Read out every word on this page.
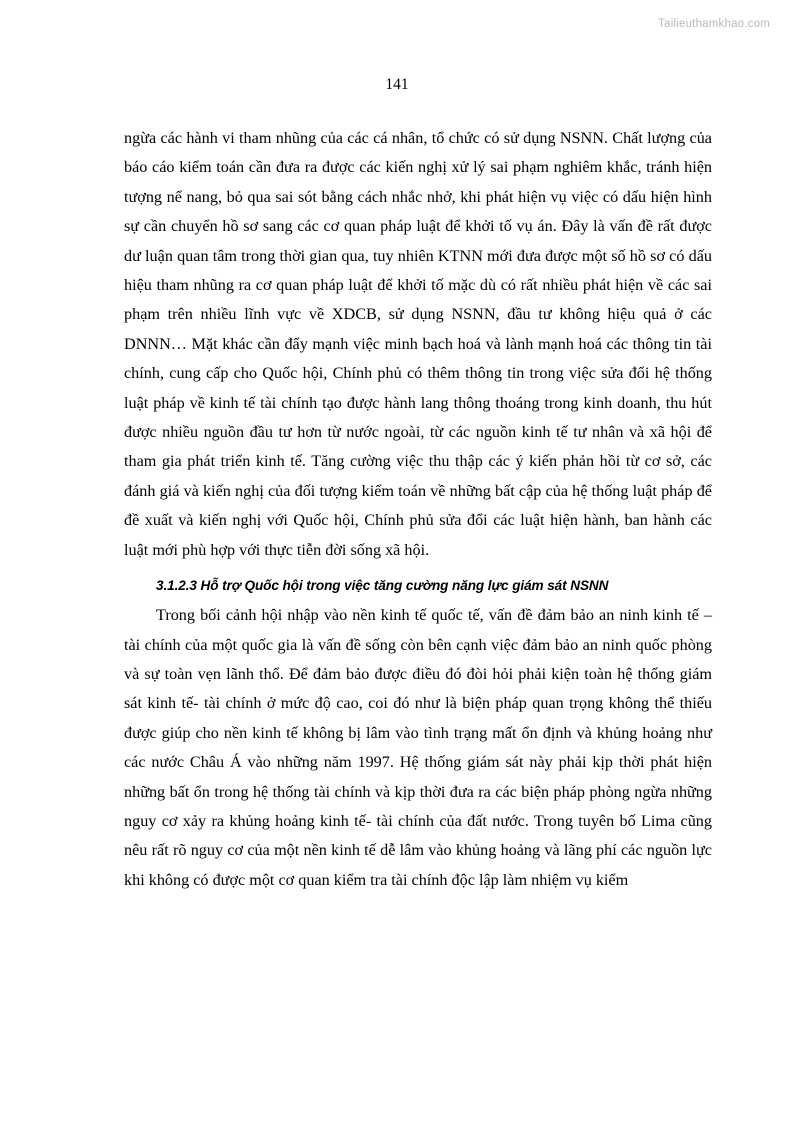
Tailieuthamkhao.com
141

ngừa các hành vi tham nhũng của các cá nhân, tổ chức có sử dụng NSNN. Chất lượng của báo cáo kiểm toán cần đưa ra được các kiến nghị xử lý sai phạm nghiêm khắc, tránh hiện tượng nể nang, bỏ qua sai sót bằng cách nhắc nhở, khi phát hiện vụ việc có dấu hiện hình sự cần chuyển hồ sơ sang các cơ quan pháp luật để khởi tố vụ án. Đây là vấn đề rất được dư luận quan tâm trong thời gian qua, tuy nhiên KTNN mới đưa được một số hồ sơ có dấu hiệu tham nhũng ra cơ quan pháp luật để khởi tố mặc dù có rất nhiều phát hiện về các sai phạm trên nhiều lĩnh vực về XDCB, sử dụng NSNN, đầu tư không hiệu quả ở các DNNN… Mặt khác cần đẩy mạnh việc minh bạch hoá và lành mạnh hoá các thông tin tài chính, cung cấp cho Quốc hội, Chính phủ có thêm thông tin trong việc sửa đổi hệ thống luật pháp về kinh tế tài chính tạo được hành lang thông thoáng trong kinh doanh, thu hút được nhiều nguồn đầu tư hơn từ nước ngoài, từ các nguồn kinh tế tư nhân và xã hội để tham gia phát triển kinh tế. Tăng cường việc thu thập các ý kiến phản hồi từ cơ sở, các đánh giá và kiến nghị của đối tượng kiểm toán về những bất cập của hệ thống luật pháp để đề xuất và kiến nghị với Quốc hội, Chính phủ sửa đổi các luật hiện hành, ban hành các luật mới phù hợp với thực tiễn đời sống xã hội.

3.1.2.3 Hỗ trợ Quốc hội trong việc tăng cường năng lực giám sát NSNN

Trong bối cảnh hội nhập vào nền kinh tế quốc tế, vấn đề đảm bảo an ninh kinh tế – tài chính của một quốc gia là vấn đề sống còn bên cạnh việc đảm bảo an ninh quốc phòng và sự toàn vẹn lãnh thổ. Để đảm bảo được điều đó đòi hỏi phải kiện toàn hệ thống giám sát kinh tế- tài chính ở mức độ cao, coi đó như là biện pháp quan trọng không thể thiếu được giúp cho nền kinh tế không bị lâm vào tình trạng mất ổn định và khủng hoảng như các nước Châu Á vào những năm 1997. Hệ thống giám sát này phải kịp thời phát hiện những bất ổn trong hệ thống tài chính và kịp thời đưa ra các biện pháp phòng ngừa những nguy cơ xảy ra khủng hoảng kinh tế- tài chính của đất nước. Trong tuyên bố Lima cũng nêu rất rõ nguy cơ của một nền kinh tế dễ lâm vào khủng hoảng và lãng phí các nguồn lực khi không có được một cơ quan kiểm tra tài chính độc lập làm nhiệm vụ kiểm
